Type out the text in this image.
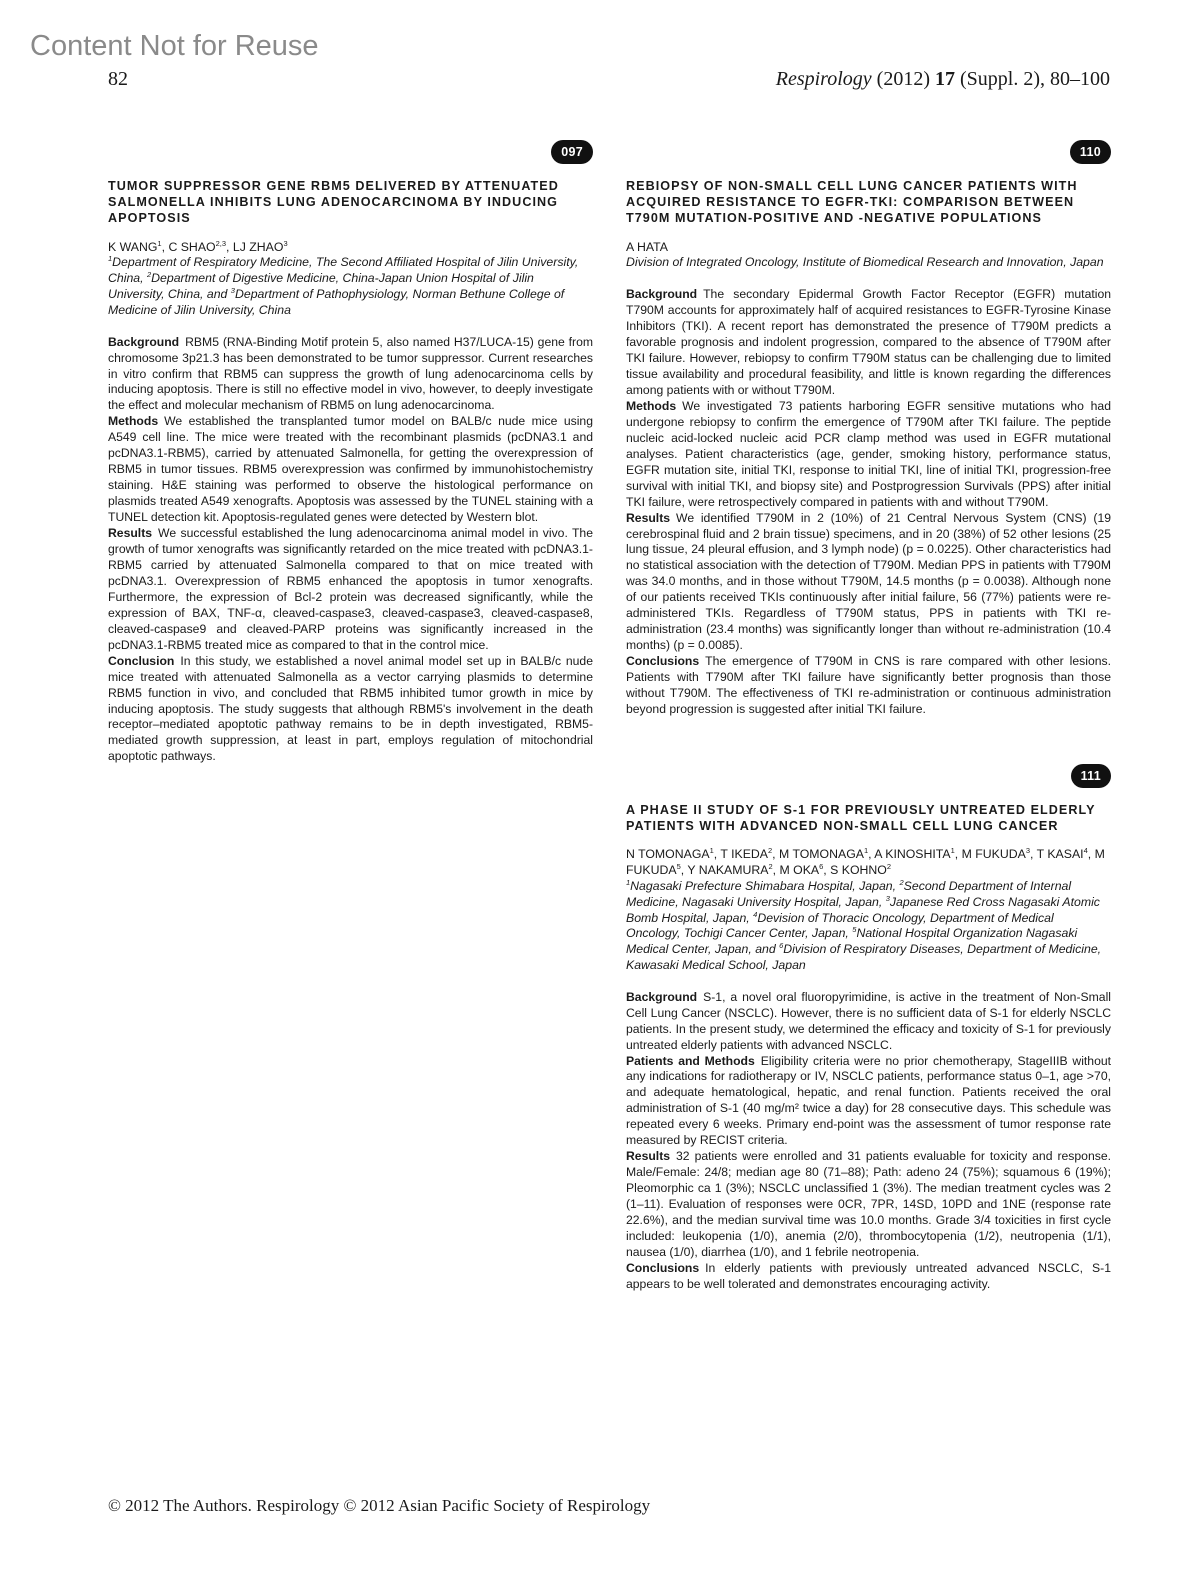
Content Not for Reuse
82	Respirology (2012) 17 (Suppl. 2), 80–100
097
TUMOR SUPPRESSOR GENE RBM5 DELIVERED BY ATTENUATED SALMONELLA INHIBITS LUNG ADENOCARCINOMA BY INDUCING APOPTOSIS

K WANG$^1$, C SHAO$^{2,3}$, LJ ZHAO$^3$

$^1$Department of Respiratory Medicine, The Second Affiliated Hospital of Jilin University, China, $^2$Department of Digestive Medicine, China-Japan Union Hospital of Jilin University, China, and $^3$Department of Pathophysiology, Norman Bethune College of Medicine of Jilin University, China

Background RBM5 (RNA-Binding Motif protein 5, also named H37/LUCA-15) gene from chromosome 3p21.3 has been demonstrated to be tumor suppressor. Current researches in vitro confirm that RBM5 can suppress the growth of lung adenocarcinoma cells by inducing apoptosis. There is still no effective model in vivo, however, to deeply investigate the effect and molecular mechanism of RBM5 on lung adenocarcinoma.

Methods We established the transplanted tumor model on BALB/c nude mice using A549 cell line. The mice were treated with the recombinant plasmids (pcDNA3.1 and pcDNA3.1-RBM5), carried by attenuated Salmonella, for getting the overexpression of RBM5 in tumor tissues. RBM5 overexpression was confirmed by immunohistochemistry staining. H&E staining was performed to observe the histological performance on plasmids treated A549 xenografts. Apoptosis was assessed by the TUNEL staining with a TUNEL detection kit. Apoptosis-regulated genes were detected by Western blot.

Results We successful established the lung adenocarcinoma animal model in vivo. The growth of tumor xenografts was significantly retarded on the mice treated with pcDNA3.1-RBM5 carried by attenuated Salmonella compared to that on mice treated with pcDNA3.1. Overexpression of RBM5 enhanced the apoptosis in tumor xenografts. Furthermore, the expression of Bcl-2 protein was decreased significantly, while the expression of BAX, TNF-α, cleaved-caspase3, cleaved-caspase3, cleaved-caspase8, cleaved-caspase9 and cleaved-PARP proteins was significantly increased in the pcDNA3.1-RBM5 treated mice as compared to that in the control mice.

Conclusion In this study, we established a novel animal model set up in BALB/c nude mice treated with attenuated Salmonella as a vector carrying plasmids to determine RBM5 function in vivo, and concluded that RBM5 inhibited tumor growth in mice by inducing apoptosis. The study suggests that although RBM5's involvement in the death receptor–mediated apoptotic pathway remains to be in depth investigated, RBM5-mediated growth suppression, at least in part, employs regulation of mitochondrial apoptotic pathways.

110
REBIOPSY OF NON-SMALL CELL LUNG CANCER PATIENTS WITH ACQUIRED RESISTANCE TO EGFR-TKI: COMPARISON BETWEEN T790M MUTATION-POSITIVE AND -NEGATIVE POPULATIONS

A HATA

Division of Integrated Oncology, Institute of Biomedical Research and Innovation, Japan

Background The secondary Epidermal Growth Factor Receptor (EGFR) mutation T790M accounts for approximately half of acquired resistances to EGFR-Tyrosine Kinase Inhibitors (TKI). A recent report has demonstrated the presence of T790M predicts a favorable prognosis and indolent progression, compared to the absence of T790M after TKI failure. However, rebiopsy to confirm T790M status can be challenging due to limited tissue availability and procedural feasibility, and little is known regarding the differences among patients with or without T790M.

Methods We investigated 73 patients harboring EGFR sensitive mutations who had undergone rebiopsy to confirm the emergence of T790M after TKI failure. The peptide nucleic acid-locked nucleic acid PCR clamp method was used in EGFR mutational analyses. Patient characteristics (age, gender, smoking history, performance status, EGFR mutation site, initial TKI, response to initial TKI, line of initial TKI, progression-free survival with initial TKI, and biopsy site) and Postprogression Survivals (PPS) after initial TKI failure, were retrospectively compared in patients with and without T790M.

Results We identified T790M in 2 (10%) of 21 Central Nervous System (CNS) (19 cerebrospinal fluid and 2 brain tissue) specimens, and in 20 (38%) of 52 other lesions (25 lung tissue, 24 pleural effusion, and 3 lymph node) (p = 0.0225). Other characteristics had no statistical association with the detection of T790M. Median PPS in patients with T790M was 34.0 months, and in those without T790M, 14.5 months (p = 0.0038). Although none of our patients received TKIs continuously after initial failure, 56 (77%) patients were re-administered TKIs. Regardless of T790M status, PPS in patients with TKI re-administration (23.4 months) was significantly longer than without re-administration (10.4 months) (p = 0.0085).

Conclusions The emergence of T790M in CNS is rare compared with other lesions. Patients with T790M after TKI failure have significantly better prognosis than those without T790M. The effectiveness of TKI re-administration or continuous administration beyond progression is suggested after initial TKI failure.

111
A PHASE II STUDY OF S-1 FOR PREVIOUSLY UNTREATED ELDERLY PATIENTS WITH ADVANCED NON-SMALL CELL LUNG CANCER

N TOMONAGA$^1$, T IKEDA$^2$, M TOMONAGA$^1$, A KINOSHITA$^1$, M FUKUDA$^3$, T KASAI$^4$, M FUKUDA$^5$, Y NAKAMURA$^2$, M OKA$^6$, S KOHNO$^2$

$^1$Nagasaki Prefecture Shimabara Hospital, Japan, $^2$Second Department of Internal Medicine, Nagasaki University Hospital, Japan, $^3$Japanese Red Cross Nagasaki Atomic Bomb Hospital, Japan, $^4$Devision of Thoracic Oncology, Department of Medical Oncology, Tochigi Cancer Center, Japan, $^5$National Hospital Organization Nagasaki Medical Center, Japan, and $^6$Division of Respiratory Diseases, Department of Medicine, Kawasaki Medical School, Japan

Background S-1, a novel oral fluoropyrimidine, is active in the treatment of Non-Small Cell Lung Cancer (NSCLC). However, there is no sufficient data of S-1 for elderly NSCLC patients. In the present study, we determined the efficacy and toxicity of S-1 for previously untreated elderly patients with advanced NSCLC.

Patients and Methods Eligibility criteria were no prior chemotherapy, StageIIIB without any indications for radiotherapy or IV, NSCLC patients, performance status 0–1, age >70, and adequate hematological, hepatic, and renal function. Patients received the oral administration of S-1 (40 mg/m² twice a day) for 28 consecutive days. This schedule was repeated every 6 weeks. Primary end-point was the assessment of tumor response rate measured by RECIST criteria.

Results 32 patients were enrolled and 31 patients evaluable for toxicity and response. Male/Female: 24/8; median age 80 (71–88); Path: adeno 24 (75%); squamous 6 (19%); Pleomorphic ca 1 (3%); NSCLC unclassified 1 (3%). The median treatment cycles was 2 (1–11). Evaluation of responses were 0CR, 7PR, 14SD, 10PD and 1NE (response rate 22.6%), and the median survival time was 10.0 months. Grade 3/4 toxicities in first cycle included: leukopenia (1/0), anemia (2/0), thrombocytopenia (1/2), neutropenia (1/1), nausea (1/0), diarrhea (1/0), and 1 febrile neotropenia.

Conclusions In elderly patients with previously untreated advanced NSCLC, S-1 appears to be well tolerated and demonstrates encouraging activity.

© 2012 The Authors. Respirology © 2012 Asian Pacific Society of Respirology
